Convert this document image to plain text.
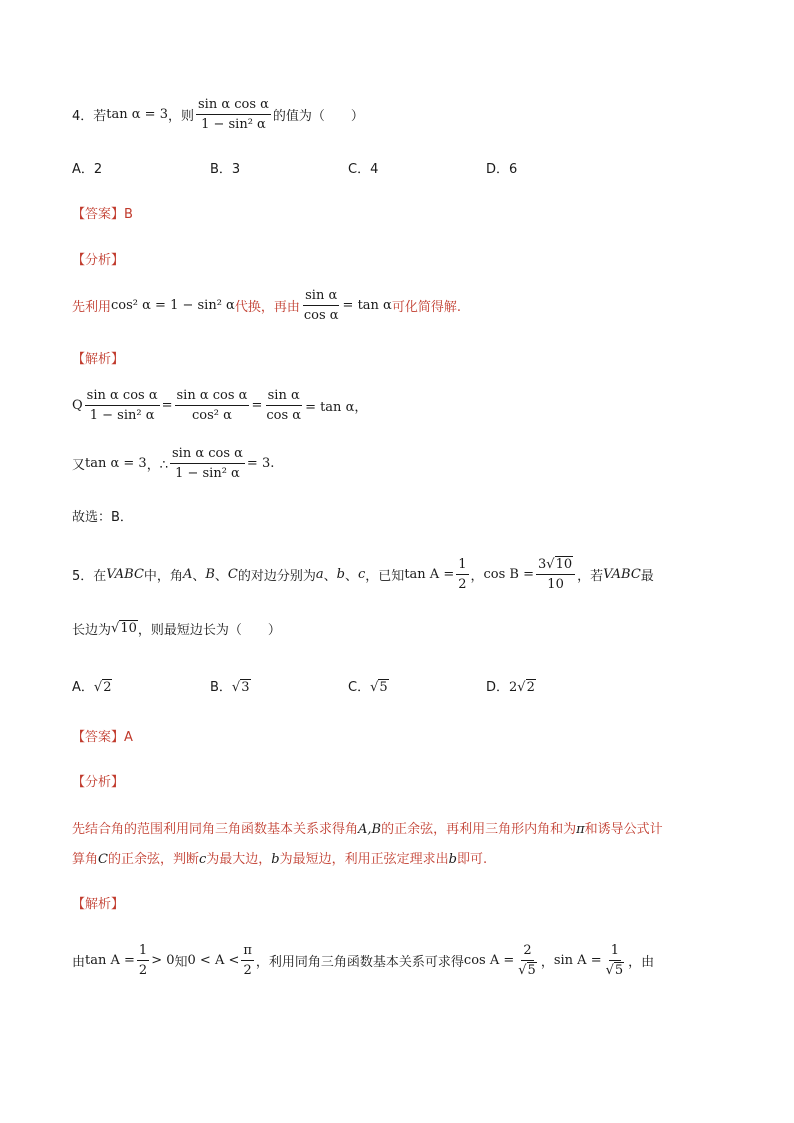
4．若 tan α = 3 ，则 $\frac{\text{sin α cos α}}{\text{1 − sin² α}}$ 的值为（　　）
A．2	B．3	C．4	D．6
【答案】B
【分析】
先利用 cos² α = 1 − sin² α 代换，再由 $\frac{\text{sin α}}{\text{cos α}} = \tan \alpha$ 可化简得解.
【解析】
Q $\frac{\text{sin α cos α}}{\text{1 − sin² α}} = \frac{\text{sin α cos α}}{\text{cos² α}} = \frac{\text{sin α}}{\text{cos α}} = \tan \alpha$，
又 tan α = 3 ，∴ $\frac{\text{sin α cos α}}{\text{1 − sin² α}} = 3$.
故选：B．
5．在 VABC 中，角 A 、 B 、 C 的对边分别为 a 、 b 、 c ，已知 $\tan A = \frac{1}{2}$ ， $\cos B = \frac{3√10}{10}$ ，若 VABC 最
长边为 √10 ，则最短边长为（　　）
A．√2	B．√3	C．√5	D．2√2
【答案】A
【分析】
先结合角的范围利用同角三角函数基本关系求得角A,B的正余弦，再利用三角形内角和为π和诱导公式计
算角C的正余弦，判断c为最大边，b为最短边，利用正弦定理求出b即可.
【解析】
由 $\tan A = \frac{1}{2} > 0$ 知 $0 < A < \frac{\pi}{2}$ ，利用同角三角函数基本关系可求得 $\cos A = \frac{2}{√5}$ ， $\sin A = \frac{1}{√5}$ ，由
